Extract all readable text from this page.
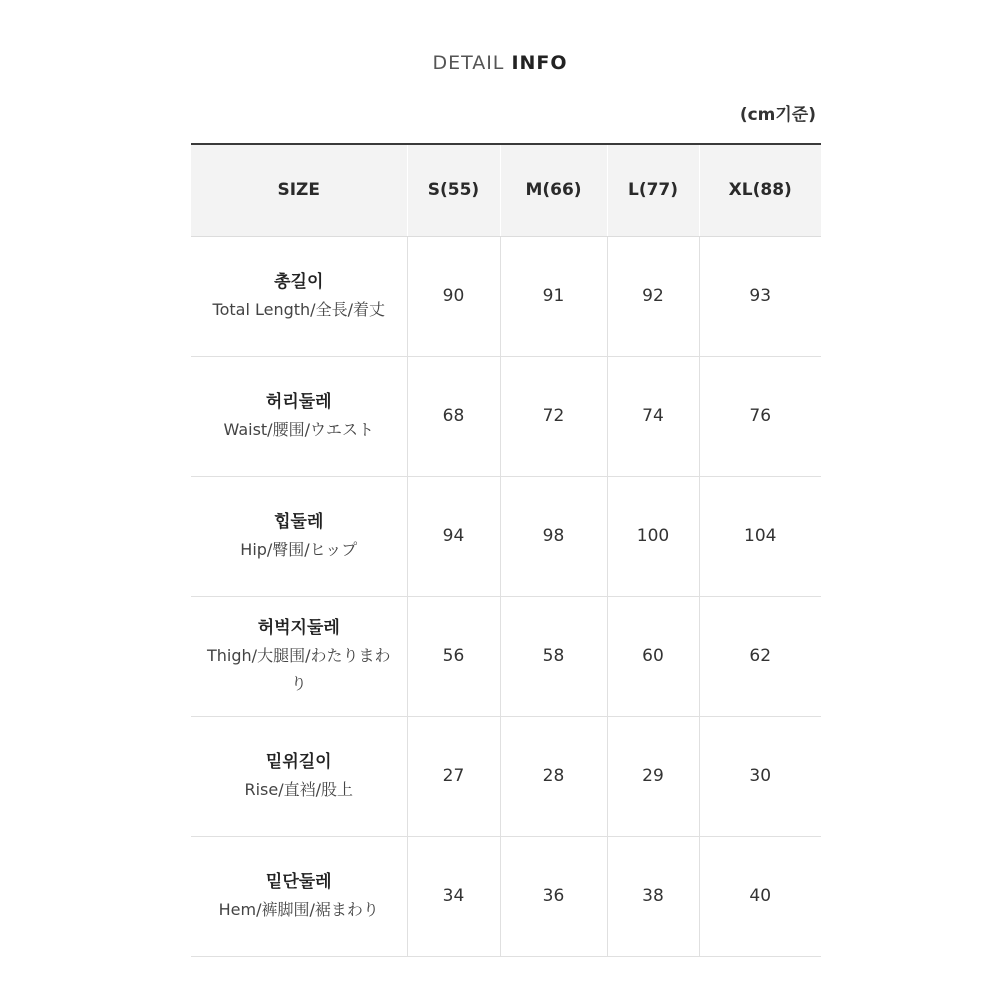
DETAIL INFO
(cm기준)
SIZE	S(55)	M(66)	L(77)	XL(88)

총길이
Total Length/全長/着丈	90	91	92	93

허리둘레
Waist/腰围/ウエスト	68	72	74	76

힙둘레
Hip/臀围/ヒップ	94	98	100	104

허벅지둘레
Thigh/大腿围/わたりまわり	56	58	60	62

밑위길이
Rise/直裆/股上	27	28	29	30

밑단둘레
Hem/裤脚围/裾まわり	34	36	38	40
